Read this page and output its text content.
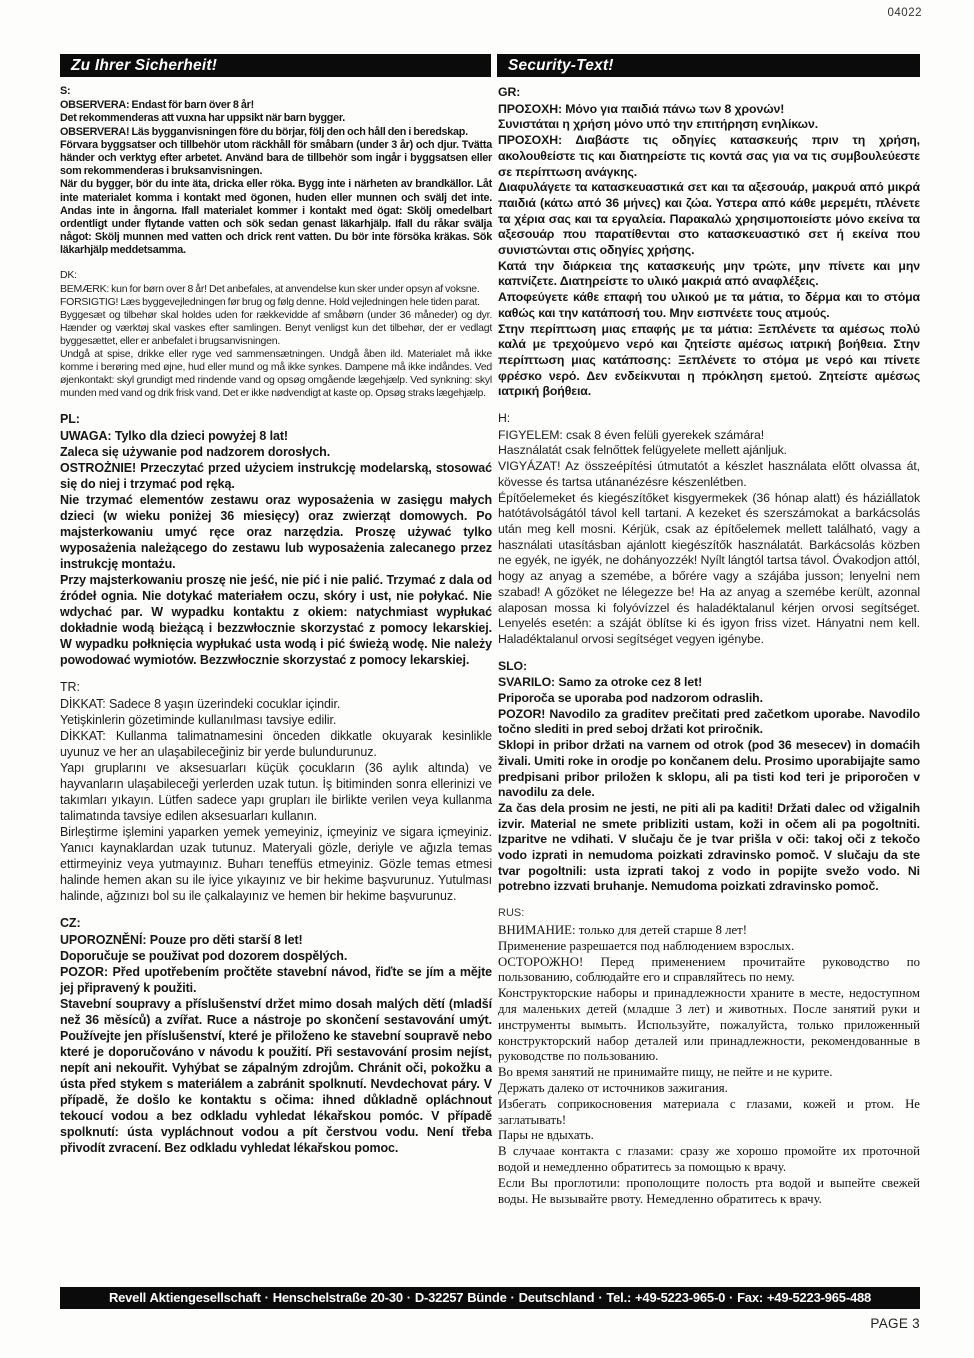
04022
Zu Ihrer Sicherheit!	Security-Text!
S:

OBSERVERA: Endast för barn över 8 år!

Det rekommenderas att vuxna har uppsikt när barn bygger.

OBSERVERA! Läs bygganvisningen före du börjar, följ den och håll den i beredskap.

Förvara byggsatser och tillbehör utom räckhåll för småbarn (under 3 år) och djur. Tvätta händer och verktyg efter arbetet. Använd bara de tillbehör som ingår i byggsatsen eller som rekommenderas i bruksanvisningen.

När du bygger, bör du inte äta, dricka eller röka. Bygg inte i närheten av brandkällor. Låt inte materialet komma i kontakt med ögonen, huden eller munnen och svälj det inte. Andas inte in ångorna. Ifall materialet kommer i kontakt med ögat: Skölj omedelbart ordentligt under flytande vatten och sök sedan genast läkarhjälp. Ifall du råkar svälja något: Skölj munnen med vatten och drick rent vatten. Du bör inte försöka kräkas. Sök läkarhjälp meddetsamma.

DK:

BEMÆRK: kun for børn over 8 år! Det anbefales, at anvendelse kun sker under opsyn af voksne.

FORSIGTIG! Læs byggevejledningen før brug og følg denne. Hold vejledningen hele tiden parat.

Byggesæt og tilbehør skal holdes uden for rækkevidde af småbørn (under 36 måneder) og dyr. Hænder og værktøj skal vaskes efter samlingen. Benyt venligst kun det tilbehør, der er vedlagt byggesættet, eller er anbefalet i brugsanvisningen.

Undgå at spise, drikke eller ryge ved sammensætningen. Undgå åben ild. Materialet må ikke komme i berøring med øjne, hud eller mund og må ikke synkes. Dampene må ikke indåndes. Ved øjenkontakt: skyl grundigt med rindende vand og opsøg omgående lægehjælp. Ved synkning: skyl munden med vand og drik frisk vand. Det er ikke nødvendigt at kaste op. Opsøg straks lægehjælp.

PL:

UWAGA: Tylko dla dzieci powyżej 8 lat!

Zaleca się używanie pod nadzorem dorosłych.

OSTROŻNIE! Przeczytać przed użyciem instrukcję modelarską, stosować się do niej i trzymać pod ręką.

Nie trzymać elementów zestawu oraz wyposażenia w zasięgu małych dzieci (w wieku poniżej 36 miesięcy) oraz zwierząt domowych. Po majsterkowaniu umyć ręce oraz narzędzia. Proszę używać tylko wyposażenia należącego do zestawu lub wyposażenia zalecanego przez instrukcję montażu.

Przy majsterkowaniu proszę nie jeść, nie pić i nie palić. Trzymać z dala od źródeł ognia. Nie dotykać materiałem oczu, skóry i ust, nie połykać. Nie wdychać par. W wypadku kontaktu z okiem: natychmiast wypłukać dokładnie wodą bieżącą i bezzwłocznie skorzystać z pomocy lekarskiej. W wypadku połknięcia wypłukać usta wodą i pić świeżą wodę. Nie należy powodować wymiotów. Bezzwłocznie skorzystać z pomocy lekarskiej.

TR:

DİKKAT: Sadece 8 yaşın üzerindeki cocuklar içindir.

Yetişkinlerin gözetiminde kullanılması tavsiye edilir.

DİKKAT: Kullanma talimatnamesini önceden dikkatle okuyarak kesinlikle uyunuz ve her an ulaşabileceğiniz bir yerde bulundurunuz.

Yapı gruplarını ve aksesuarları küçük çocukların (36 aylık altında) ve hayvanların ulaşabileceği yerlerden uzak tutun. İş bitiminden sonra ellerinizi ve takımları yıkayın. Lütfen sadece yapı grupları ile birlikte verilen veya kullanma talimatında tavsiye edilen aksesuarları kullanın.

Birleştirme işlemini yaparken yemek yemeyiniz, içmeyiniz ve sigara içmeyiniz. Yanıcı kaynaklardan uzak tutunuz. Materyali gözle, deriyle ve ağızla temas ettirmeyiniz veya yutmayınız. Buharı teneffüs etmeyiniz. Gözle temas etmesi halinde hemen akan su ile iyice yıkayınız ve bir hekime başvurunuz. Yutulması halinde, ağzınızı bol su ile çalkalayınız ve hemen bir hekime başvurunuz.

CZ:

UPOROZNĚNÍ: Pouze pro děti starší 8 let!

Doporučuje se použivat pod dozorem dospělých.

POZOR: Před upotřebením pročtěte stavební návod, řiďte se jím a mějte jej připravený k použiti.

Stavební soupravy a příslušenství držet mimo dosah malých dětí (mladší než 36 měsíců) a zvířat. Ruce a nástroje po skončení sestavování umýt. Používejte jen příslušenství, které je přiloženo ke stavební soupravě nebo které je doporučováno v návodu k použití. Při sestavování prosim nejíst, nepít ani nekouřit. Vyhýbat se zápalným zdrojům. Chránit oči, pokožku a ústa před stykem s materiálem a zabránit spolknutí. Nevdechovat páry. V případě, že došlo ke kontaktu s očima: ihned důkladně opláchnout tekoucí vodou a bez odkladu vyhledat lékařskou pomóc. V případě spolknutí: ústa vypláchnout vodou a pít čerstvou vodu. Není třeba přivodít zvracení. Bez odkladu vyhledat lékařskou pomoc.

GR:

ΠΡΟΣΟΧΗ: Μόνο για παιδιά πάνω των 8 χρονών!

Συνιστάται η χρήση μόνο υπό την επιτήρηση ενηλίκων.

ΠΡΟΣΟΧΗ: Διαβάστε τις οδηγίες κατασκευής πριν τη χρήση, ακολουθείστε τις και διατηρείστε τις κοντά σας για να τις συμβουλεύεστε σε περίπτωση ανάγκης.

Διαφυλάγετε τα κατασκευαστικά σετ και τα αξεσουάρ, μακρυά από μικρά παιδιά (κάτω από 36 μήνες) και ζώα. Υστερα από κάθε μερεμέτι, πλένετε τα χέρια σας και τα εργαλεία. Παρακαλώ χρησιμοποιείστε μόνο εκείνα τα αξεσουάρ που παρατίθενται στο κατασκευαστικό σετ ή εκείνα που συνιστώνται στις οδηγίες χρήσης.

Κατά την διάρκεια της κατασκευής μην τρώτε, μην πίνετε και μην καπνίζετε. Διατηρείστε το υλικό μακριά από αναφλέξεις.

Αποφεύγετε κάθε επαφή του υλικού με τα μάτια, το δέρμα και το στόμα καθώς και την κατάποσή του. Μην εισπνέετε τους ατμούς.

Στην περίπτωση μιας επαφής με τα μάτια: Ξεπλένετε τα αμέσως πολύ καλά με τρεχούμενο νερό και ζητείστε αμέσως ιατρική βοήθεια. Στην περίπτωση μιας κατάποσης: Ξεπλένετε το στόμα με νερό και πίνετε φρέσκο νερό. Δεν ενδείκνυται η πρόκληση εμετού. Ζητείστε αμέσως ιατρική βοήθεια.

H:

FIGYELEM: csak 8 éven felüli gyerekek számára!

Használatát csak felnőttek felügyelete mellett ajánljuk.

VIGYÁZAT! Az összeépítési útmutatót a készlet használata előtt olvassa át, kövesse és tartsa utánanézésre készenlétben.

Építőelemeket és kiegészítőket kisgyermekek (36 hónap alatt) és háziállatok hatótávolságától távol kell tartani. A kezeket és szerszámokat a barkácsolás után meg kell mosni. Kérjük, csak az építőelemek mellett található, vagy a használati utasításban ajánlott kiegészítők használatát. Barkácsolás közben ne egyék, ne igyék, ne dohányozzék! Nyílt lángtól tartsa távol. Óvakodjon attól, hogy az anyag a szemébe, a bőrére vagy a szájába jusson; lenyelni nem szabad! A gőzöket ne lélegezze be! Ha az anyag a szemébe került, azonnal alaposan mossa ki folyóvízzel és haladéktalanul kérjen orvosi segítséget. Lenyelés esetén: a száját öblítse ki és igyon friss vizet. Hányatni nem kell. Haladéktalanul orvosi segítséget vegyen igénybe.

SLO:

SVARILO: Samo za otroke cez 8 let!

Priporoča se uporaba pod nadzorom odraslih.

POZOR! Navodilo za graditev prečitati pred začetkom uporabe. Navodilo točno slediti in pred seboj držati kot priročnik.

Sklopi in pribor držati na varnem od otrok (pod 36 mesecev) in domaćih živali. Umiti roke in orodje po končanem delu. Prosimo uporabijajte samo predpisani pribor priložen k sklopu, ali pa tisti kod teri je priporočen v navodilu za dele.

Za čas dela prosim ne jesti, ne piti ali pa kaditi! Držati dalec od vžigalnih izvir. Material ne smete pribliziti ustam, koži in očem ali pa pogoltniti. Izparitve ne vdihati. V slučaju če je tvar prišla v oči: takoj oči z tekočo vodo izprati in nemudoma poizkati zdravinsko pomoč. V slučaju da ste tvar pogoltnili: usta izprati takoj z vodo in popijte svežo vodo. Ni potrebno izzvati bruhanje. Nemudoma poizkati zdravinsko pomoč.

RUS:

ВНИМАНИЕ: только для детей старше 8 лет!

Применение разрешается под наблюдением взрослых.

ОСТОРОЖНО! Перед применением прочитайте руководство по пользованию, соблюдайте его и справляйтесь по нему.

Конструкторские наборы и принадлежности храните в месте, недоступном для маленьких детей (младше 3 лет) и животных. После занятий руки и инструменты вымыть. Используйте, пожалуйста, только приложенный конструкторский набор деталей или принадлежности, рекомендованные в руководстве по пользованию.

Во время занятий не принимайте пищу, не пейте и не курите.

Держать далеко от источников зажигания.

Избегать соприкосновения материала с глазами, кожей и ртом. Не заглатывать!

Пары не вдыхать.

В случаае контакта с глазами: сразу же хорошо промойте их проточной водой и немедленно обратитесь за помощью к врачу.

Если Вы проглотили: прополощите полость рта водой и выпейте свежей воды. Не вызывайте рвоту. Немедленно обратитесь к врачу.

Revell Aktiengesellschaft · Henschelstraße 20-30 · D-32257 Bünde · Deutschland · Tel.: +49-5223-965-0 · Fax: +49-5223-965-488
PAGE 3
